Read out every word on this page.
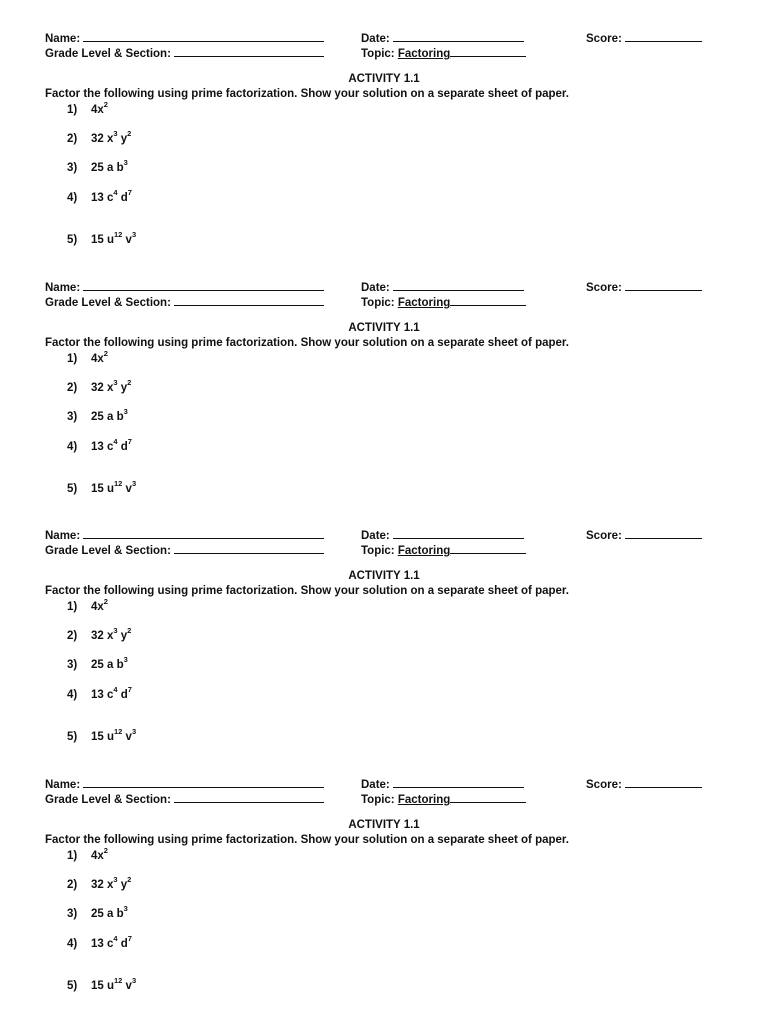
Name:	Date:	Score:
Grade Level & Section:	Topic: Factoring
ACTIVITY 1.1
Factor the following using prime factorization. Show your solution on a separate sheet of paper.
1) $4x^2$
2) 32 $x^3$ $y^2$
3) 25 a $b^3$
4) 13 $c^4$ $d^7$
5) 15 $u^{12}$ $v^3$
Name:	Date:	Score:
Grade Level & Section:	Topic: Factoring
ACTIVITY 1.1
Factor the following using prime factorization. Show your solution on a separate sheet of paper.
1) $4x^2$
2) 32 $x^3$ $y^2$
3) 25 a $b^3$
4) 13 $c^4$ $d^7$
5) 15 $u^{12}$ $v^3$
Name:	Date:	Score:
Grade Level & Section:	Topic: Factoring
ACTIVITY 1.1
Factor the following using prime factorization. Show your solution on a separate sheet of paper.
1) $4x^2$
2) 32 $x^3$ $y^2$
3) 25 a $b^3$
4) 13 $c^4$ $d^7$
5) 15 $u^{12}$ $v^3$
Name:	Date:	Score:
Grade Level & Section:	Topic: Factoring
ACTIVITY 1.1
Factor the following using prime factorization. Show your solution on a separate sheet of paper.
1) $4x^2$
2) 32 $x^3$ $y^2$
3) 25 a $b^3$
4) 13 $c^4$ $d^7$
5) 15 $u^{12}$ $v^3$
